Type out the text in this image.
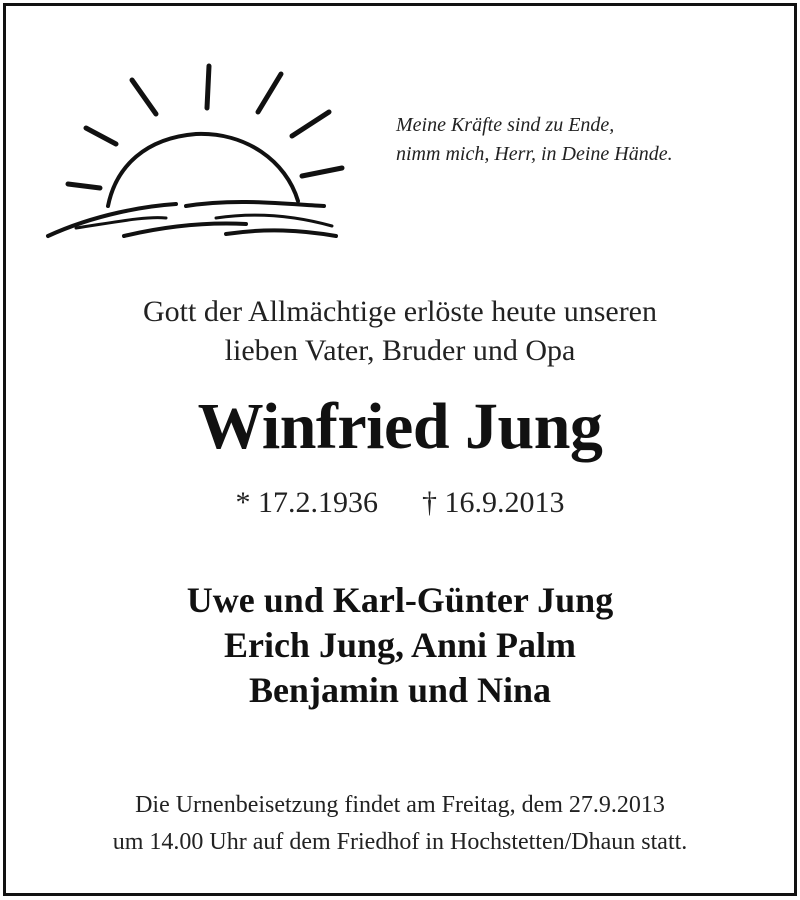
Meine Kräfte sind zu Ende,
nimm mich, Herr, in Deine Hände.
Gott der Allmächtige erlöste heute unseren
lieben Vater, Bruder und Opa
Winfried Jung
* 17.2.1936 † 16.9.2013
Uwe und Karl-Günter Jung
Erich Jung, Anni Palm
Benjamin und Nina
Die Urnenbeisetzung findet am Freitag, dem 27.9.2013
um 14.00 Uhr auf dem Friedhof in Hochstetten/Dhaun statt.
